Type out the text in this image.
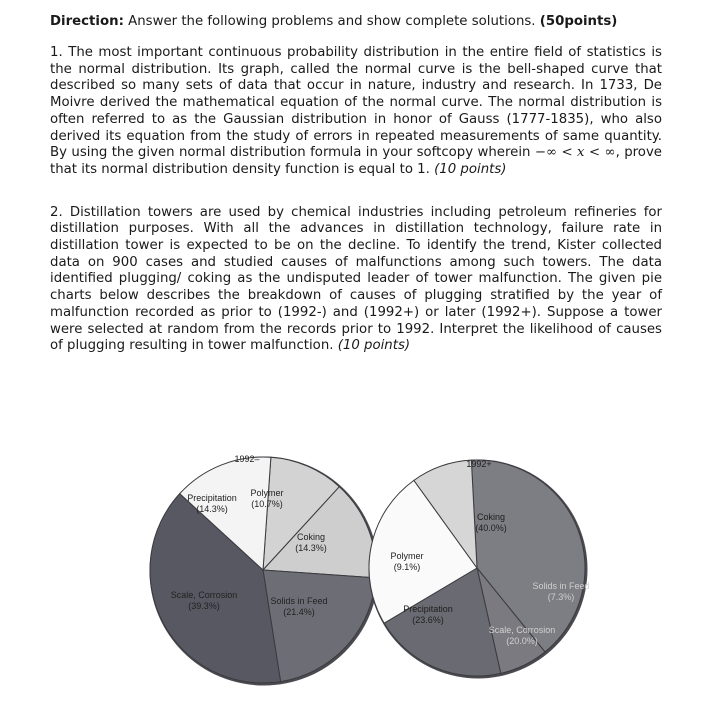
Direction: Answer the following problems and show complete solutions. (50points)

1. The most important continuous probability distribution in the entire field of statistics is the normal distribution. Its graph, called the normal curve is the bell-shaped curve that described so many sets of data that occur in nature, industry and research. In 1733, De Moivre derived the mathematical equation of the normal curve. The normal distribution is often referred to as the Gaussian distribution in honor of Gauss (1777-1835), who also derived its equation from the study of errors in repeated measurements of same quantity. By using the given normal distribution formula in your softcopy wherein −∞ < x < ∞, prove that its normal distribution density function is equal to 1. (10 points)

2. Distillation towers are used by chemical industries including petroleum refineries for distillation purposes. With all the advances in distillation technology, failure rate in distillation tower is expected to be on the decline. To identify the trend, Kister collected data on 900 cases and studied causes of malfunctions among such towers. The data identified plugging/ coking as the undisputed leader of tower malfunction. The given pie charts below describes the breakdown of causes of plugging stratified by the year of malfunction recorded as prior to (1992-) and (1992+) or later (1992+). Suppose a tower were selected at random from the records prior to 1992. Interpret the likelihood of causes of plugging resulting in tower malfunction. (10 points)

1992–
Polymer
(10.7%)
Coking
(14.3%)
Solids in Feed
(21.4%)
Scale, Corrosion
(39.3%)
Precipitation
(14.3%)
1992+
Coking
(40.0%)
Solids in Feed
(7.3%)
Scale, Corrosion
(20.0%)
Precipitation
(23.6%)
Polymer
(9.1%)
